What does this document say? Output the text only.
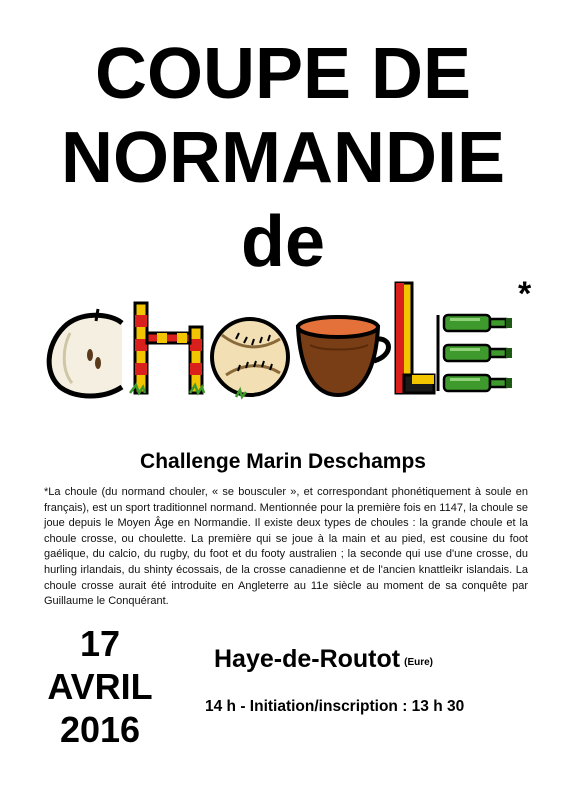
COUPE DE
NORMANDIE
de
*
Challenge Marin Deschamps
*La choule (du normand chouler, « se bousculer », et correspondant phonétiquement à soule en français), est un sport traditionnel normand. Mentionnée pour la première fois en 1147, la choule se joue depuis le Moyen Âge en Normandie. Il existe deux types de choules : la grande choule et la choule crosse, ou choulette. La première qui se joue à la main et au pied, est cousine du foot gaélique, du calcio, du rugby, du foot et du footy australien ; la seconde qui use d'une crosse, du hurling irlandais, du shinty écossais, de la crosse canadienne et de l'ancien knattleikr islandais. La choule crosse aurait été introduite en Angleterre au 11e siècle au moment de sa conquête par Guillaume le Conquérant.
17
AVRIL
2016
Haye-de-Routot (Eure)
14 h - Initiation/inscription : 13 h 30
